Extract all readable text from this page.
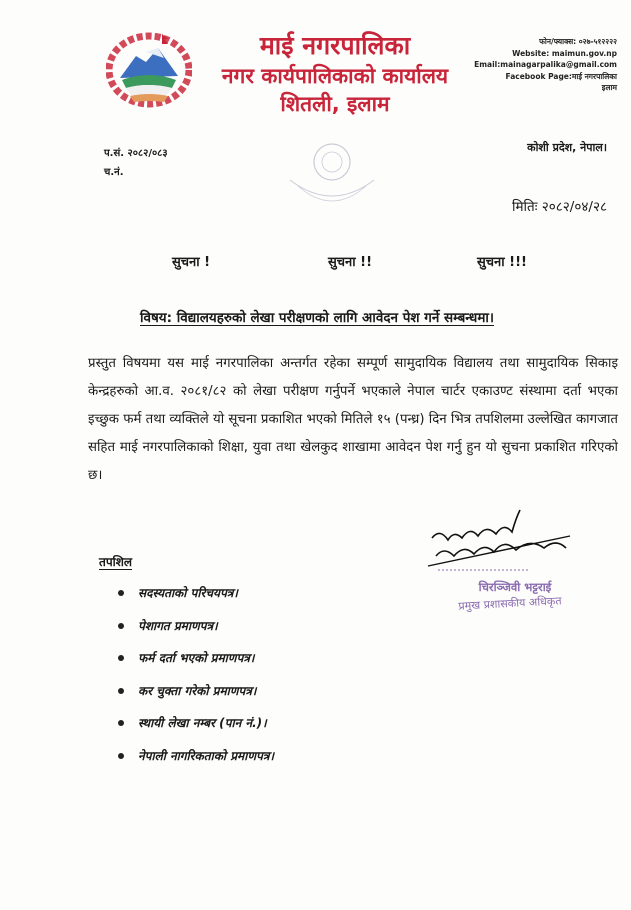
माई नगरपालिका
नगर कार्यपालिकाको कार्यालय
शितली, इलाम
फोन/फ्याक्स: ०२७-५१२२२२
Website: maimun.gov.np
Email:mainagarpalika@gmail.com
Facebook Page:माई नगरपालिका
इलाम
प.सं. २०८२/०८३
च.नं.
कोशी प्रदेश, नेपाल।
मितिः २०८२/०४/२८
सुचना !	सुचना !!	सुचना !!!
विषय: विद्यालयहरुको लेखा परीक्षणको लागि आवेदन पेश गर्ने सम्बन्धमा।
प्रस्तुत विषयमा यस माई नगरपालिका अन्तर्गत रहेका सम्पूर्ण सामुदायिक विद्यालय तथा सामुदायिक सिकाइ केन्द्रहरुको आ.व. २०८१/८२ को लेखा परीक्षण गर्नुपर्ने भएकाले नेपाल चार्टर एकाउण्ट संस्थामा दर्ता भएका इच्छुक फर्म तथा व्यक्तिले यो सूचना प्रकाशित भएको मितिले १५ (पन्ध्र) दिन भित्र तपशिलमा उल्लेखित कागजात सहित माई नगरपालिकाको शिक्षा, युवा तथा खेलकुद शाखामा आवेदन पेश गर्नु हुन यो सुचना प्रकाशित गरिएको छ।
तपशिल
सदस्यताको परिचयपत्र।
पेशागत प्रमाणपत्र।
फर्म दर्ता भएको प्रमाणपत्र।
कर चुक्ता गरेको प्रमाणपत्र।
स्थायी लेखा नम्बर (पान नं.)।
नेपाली नागरिकताको प्रमाणपत्र।
चिरञ्जिवी भट्टराई
प्रमुख प्रशासकीय अधिकृत
